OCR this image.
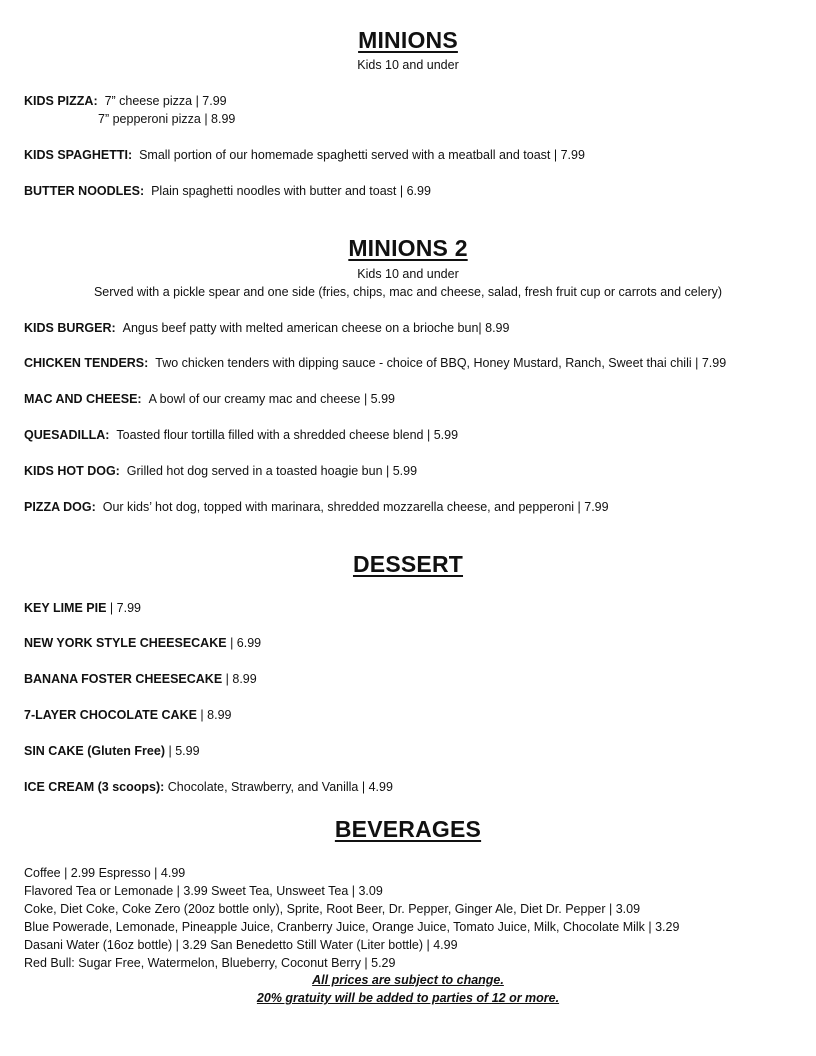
MINIONS
Kids 10 and under
KIDS PIZZA: 7” cheese pizza | 7.99
7” pepperoni pizza | 8.99
KIDS SPAGHETTI: Small portion of our homemade spaghetti served with a meatball and toast | 7.99
BUTTER NOODLES: Plain spaghetti noodles with butter and toast | 6.99
MINIONS 2
Kids 10 and under
Served with a pickle spear and one side (fries, chips, mac and cheese, salad, fresh fruit cup or carrots and celery)
KIDS BURGER: Angus beef patty with melted american cheese on a brioche bun| 8.99
CHICKEN TENDERS: Two chicken tenders with dipping sauce - choice of BBQ, Honey Mustard, Ranch, Sweet thai chili | 7.99
MAC AND CHEESE: A bowl of our creamy mac and cheese | 5.99
QUESADILLA: Toasted flour tortilla filled with a shredded cheese blend | 5.99
KIDS HOT DOG: Grilled hot dog served in a toasted hoagie bun | 5.99
PIZZA DOG: Our kids’ hot dog, topped with marinara, shredded mozzarella cheese, and pepperoni | 7.99
DESSERT
KEY LIME PIE | 7.99
NEW YORK STYLE CHEESECAKE | 6.99
BANANA FOSTER CHEESECAKE | 8.99
7-LAYER CHOCOLATE CAKE | 8.99
SIN CAKE (Gluten Free) | 5.99
ICE CREAM (3 scoops): Chocolate, Strawberry, and Vanilla | 4.99
BEVERAGES
Coffee | 2.99 Espresso | 4.99
Flavored Tea or Lemonade | 3.99 Sweet Tea, Unsweet Tea | 3.09
Coke, Diet Coke, Coke Zero (20oz bottle only), Sprite, Root Beer, Dr. Pepper, Ginger Ale, Diet Dr. Pepper | 3.09
Blue Powerade, Lemonade, Pineapple Juice, Cranberry Juice, Orange Juice, Tomato Juice, Milk, Chocolate Milk | 3.29
Dasani Water (16oz bottle) | 3.29 San Benedetto Still Water (Liter bottle) | 4.99
Red Bull: Sugar Free, Watermelon, Blueberry, Coconut Berry | 5.29
All prices are subject to change.
20% gratuity will be added to parties of 12 or more.
